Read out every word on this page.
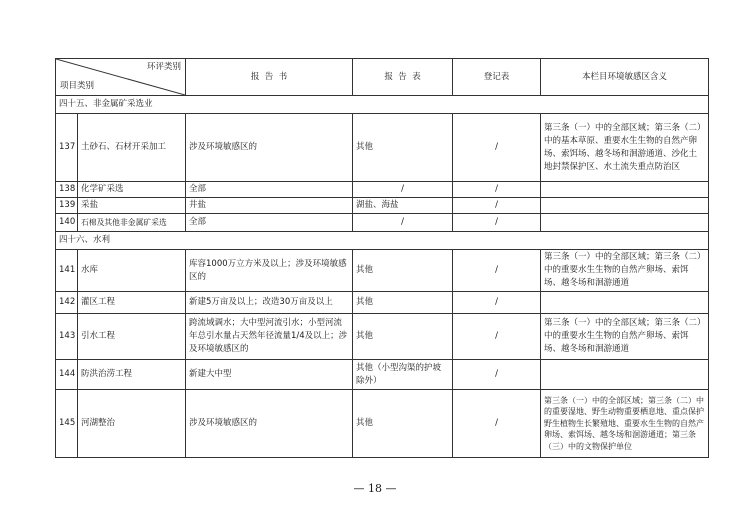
环评类别
项目类别		报  告  书	报  告  表	登记表	本栏目环境敏感区含义
四十五、非金属矿采选业					
137	土砂石、石材开采加工	涉及环境敏感区的	其他	/	第三条（一）中的全部区域；第三条（二）中的基本草原、重要水生生物的自然产卵场、索饵场、越冬场和洄游通道、沙化土地封禁保护区、水土流失重点防治区
138	化学矿采选	全部	/	/	
139	采盐	井盐	湖盐、海盐	/	
140	石棉及其他非金属矿采选	全部	/	/	
四十六、水利					
141	水库	库容1000万立方米及以上；涉及环境敏感区的	其他	/	第三条（一）中的全部区域；第三条（二）中的重要水生生物的自然产卵场、索饵场、越冬场和洄游通道
142	灌区工程	新建5万亩及以上；改造30万亩及以上	其他	/	
143	引水工程	跨流域调水；大中型河流引水；小型河流年总引水量占天然年径流量1/4及以上；涉及环境敏感区的	其他	/	第三条（一）中的全部区域；第三条（二）中的重要水生生物的自然产卵场、索饵场、越冬场和洄游通道
144	防洪治涝工程	新建大中型	其他（小型沟渠的护坡除外）	/	
145	河湖整治	涉及环境敏感区的	其他	/	第三条（一）中的全部区域；第三条（二）中的重要湿地、野生动物重要栖息地、重点保护野生植物生长繁殖地、重要水生生物的自然产卵场、索饵场、越冬场和洄游通道；第三条（三）中的文物保护单位
— 18 —
